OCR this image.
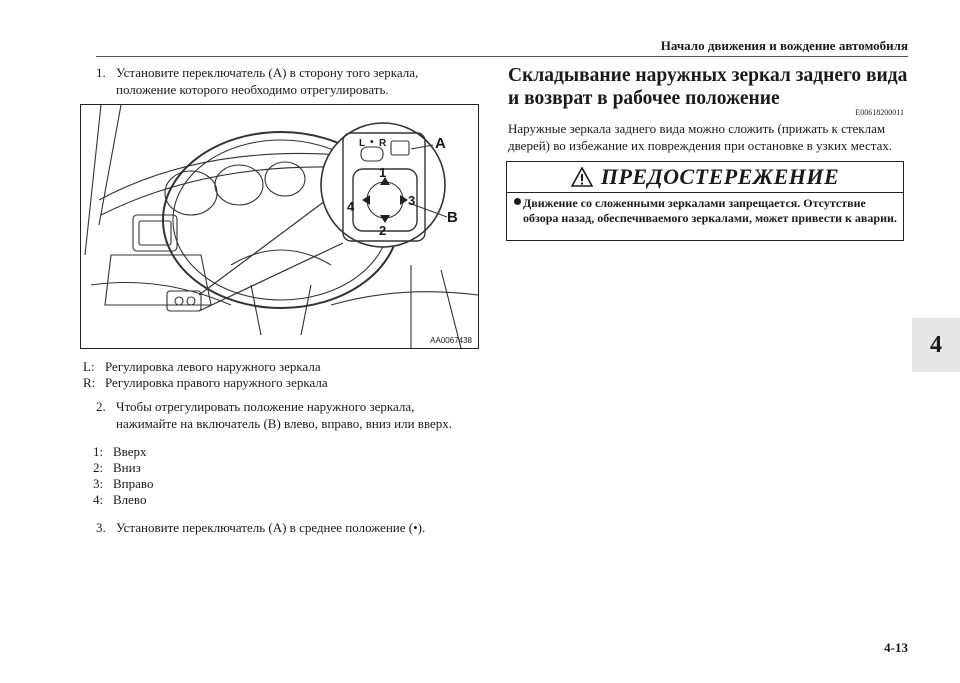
Начало движения и вождение автомобиля
1. Установите переключатель (A) в сторону того зеркала, положение которого необходимо отрегулировать.
L • R
1
2
3
4
A
B
AA0067438
L: Регулировка левого наружного зеркала
R: Регулировка правого наружного зеркала
2. Чтобы отрегулировать положение наружного зеркала, нажимайте на включатель (B) влево, вправо, вниз или вверх.
1: Вверх
2: Вниз
3: Вправо
4: Влево
3. Установите переключатель (A) в среднее положение (•).
Складывание наружных зеркал заднего вида
и возврат в рабочее положение
E00618200011
Наружные зеркала заднего вида можно сложить (прижать к стеклам дверей) во избежание их повреждения при остановке в узких местах.
ПРЕДОСТЕРЕЖЕНИЕ
Движение со сложенными зеркалами запрещается. Отсутствие обзора назад, обеспечиваемого зеркалами, может привести к аварии.
4
4-13
